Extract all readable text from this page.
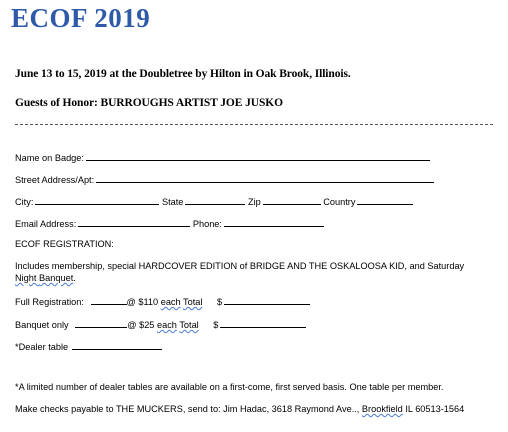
ECOF 2019
June 13 to 15, 2019 at the Doubletree by Hilton in Oak Brook, Illinois.
Guests of Honor: BURROUGHS ARTIST JOE JUSKO
Name on Badge:
Street Address/Apt:
City:	State	Zip	Country
Email Address:	Phone:
ECOF REGISTRATION:
Includes membership, special HARDCOVER EDITION of BRIDGE AND THE OSKALOOSA KID, and Saturday
Night Banquet.
Full Registration:	@ $110 each Total $
Banquet only	@ $25 each Total $
*Dealer table
*A limited number of dealer tables are available on a first-come, first served basis. One table per member.
Make checks payable to THE MUCKERS, send to: Jim Hadac, 3618 Raymond Ave.., Brookfield IL 60513-1564
